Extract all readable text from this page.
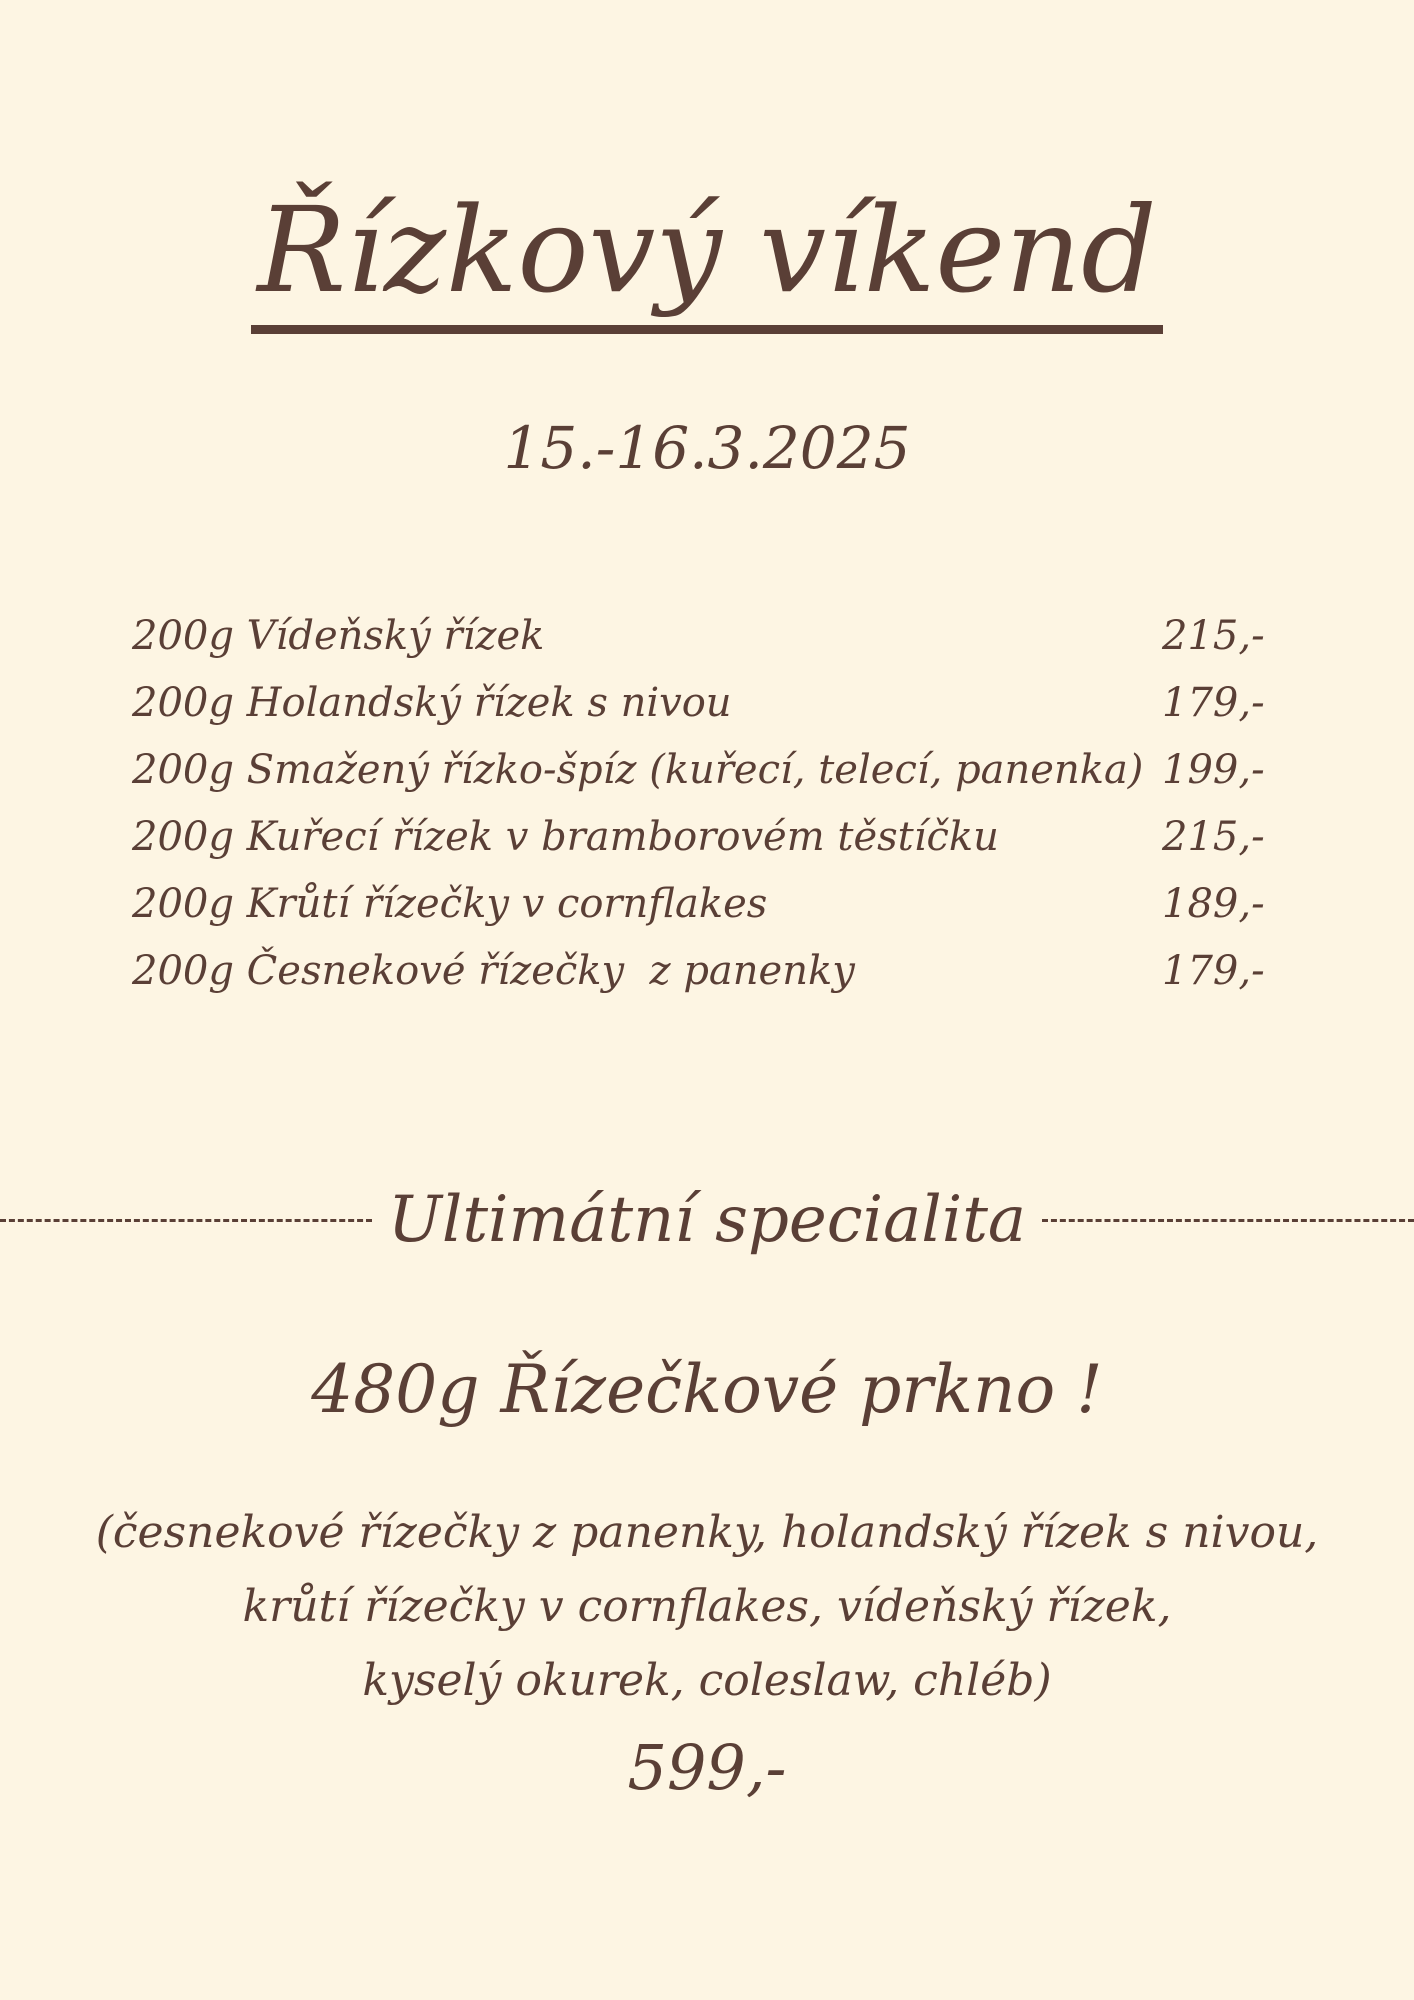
Řízkový víkend
15.-16.3.2025
200g Vídeňský řízek	215,-
200g Holandský řízek s nivou	179,-
200g Smažený řízko-špíz (kuřecí, telecí, panenka) 199,-
200g Kuřecí řízek v bramborovém těstíčku	215,-
200g Krůtí řízečky v cornflakes	189,-
200g Česnekové řízečky  z panenky	179,-
Ultimátní specialita
480g Řízečkové prkno !
(česnekové řízečky z panenky, holandský řízek s nivou,
krůtí řízečky v cornflakes, vídeňský řízek,
kyselý okurek, coleslaw, chléb)
599,-
